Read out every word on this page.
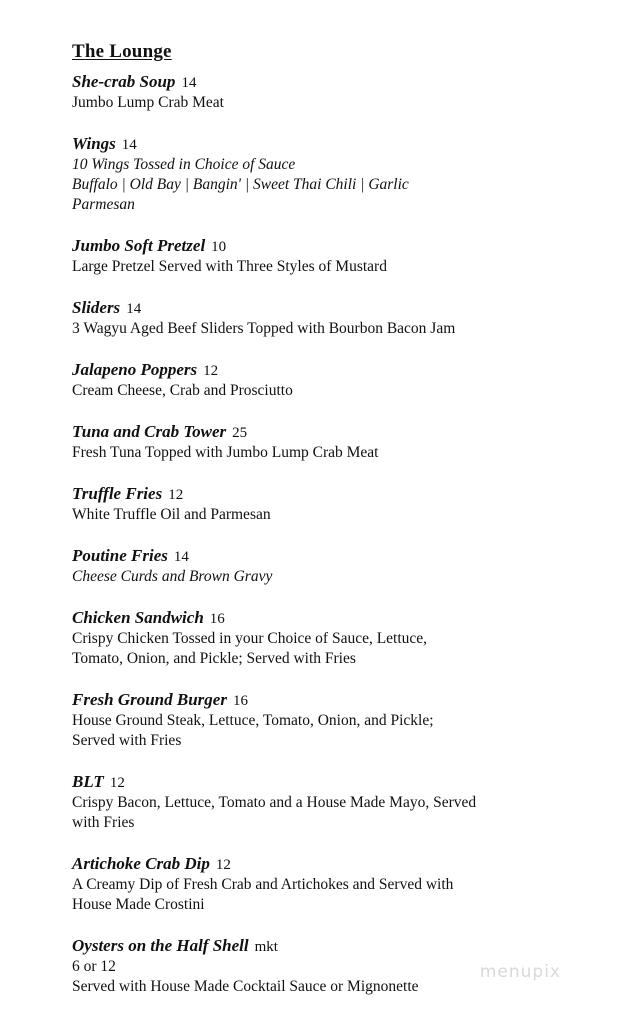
The Lounge
She-crab Soup 14
Jumbo Lump Crab Meat
Wings 14
10 Wings Tossed in Choice of Sauce
Buffalo | Old Bay | Bangin' | Sweet Thai Chili | Garlic
Parmesan
Jumbo Soft Pretzel 10
Large Pretzel Served with Three Styles of Mustard
Sliders 14
3 Wagyu Aged Beef Sliders Topped with Bourbon Bacon Jam
Jalapeno Poppers 12
Cream Cheese, Crab and Prosciutto
Tuna and Crab Tower 25
Fresh Tuna Topped with Jumbo Lump Crab Meat
Truffle Fries 12
White Truffle Oil and Parmesan
Poutine Fries 14
Cheese Curds and Brown Gravy
Chicken Sandwich 16
Crispy Chicken Tossed in your Choice of Sauce, Lettuce,
Tomato, Onion, and Pickle; Served with Fries
Fresh Ground Burger 16
House Ground Steak, Lettuce, Tomato, Onion, and Pickle;
Served with Fries
BLT 12
Crispy Bacon, Lettuce, Tomato and a House Made Mayo, Served
with Fries
Artichoke Crab Dip 12
A Creamy Dip of Fresh Crab and Artichokes and Served with
House Made Crostini
Oysters on the Half Shell mkt
6 or 12
Served with House Made Cocktail Sauce or Mignonette
menupix
